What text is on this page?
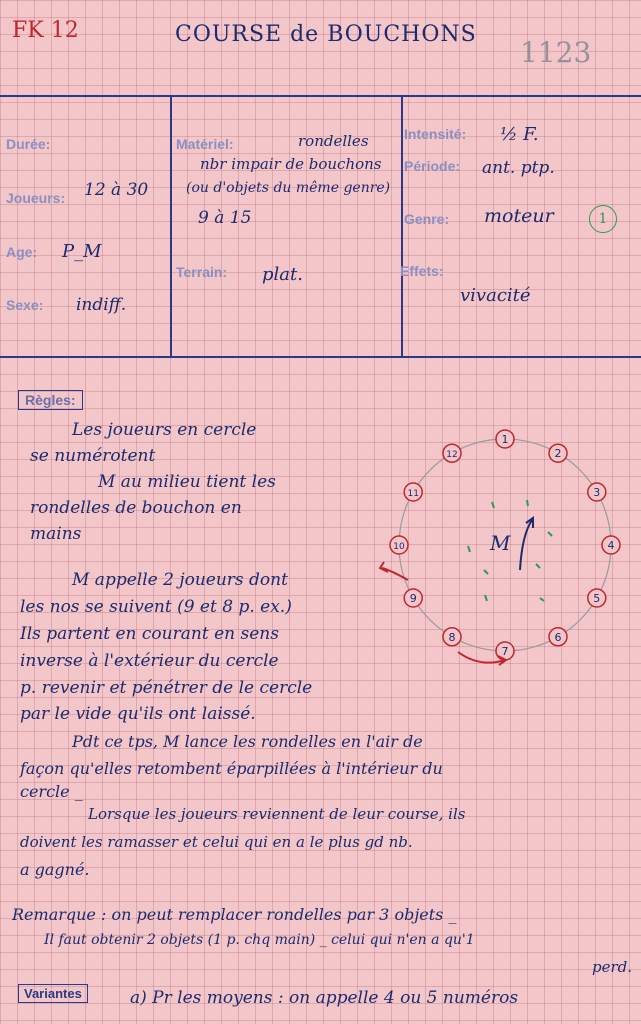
FK 12	COURSE de BOUCHONS
1123
Durée:
Joueurs: 12 à 30
Age: P_M
Sexe: indiff.
Matériel:	rondelles
nbr impair de bouchons
(ou d'objets du même genre)
9 à 15
Terrain: plat.
Intensité: ½ F.
Période: ant. ptp.
Genre: moteur	1
Effets:
vivacité
Règles:
Les joueurs en cercle
se numérotent
M au milieu tient les
rondelles de bouchon en
mains
M appelle 2 joueurs dont
les nos se suivent (9 et 8 p. ex.)
Ils partent en courant en sens
inverse à l'extérieur du cercle
p. revenir et pénétrer de le cercle
par le vide qu'ils ont laissé.
Pdt ce tps, M lance les rondelles en l'air de
façon qu'elles retombent éparpillées à l'intérieur du
cercle _
Lorsque les joueurs reviennent de leur course, ils
doivent les ramasser et celui qui en a le plus gd nb.
a gagné.
Remarque : on peut remplacer rondelles par 3 objets _
Il faut obtenir 2 objets (1 p. chq main) _ celui qui n'en a qu'1
perd.
Variantes	a) Pr les moyens : on appelle 4 ou 5 numéros
1
2
3
4
5
6
7
8
9
10
11
12
M
